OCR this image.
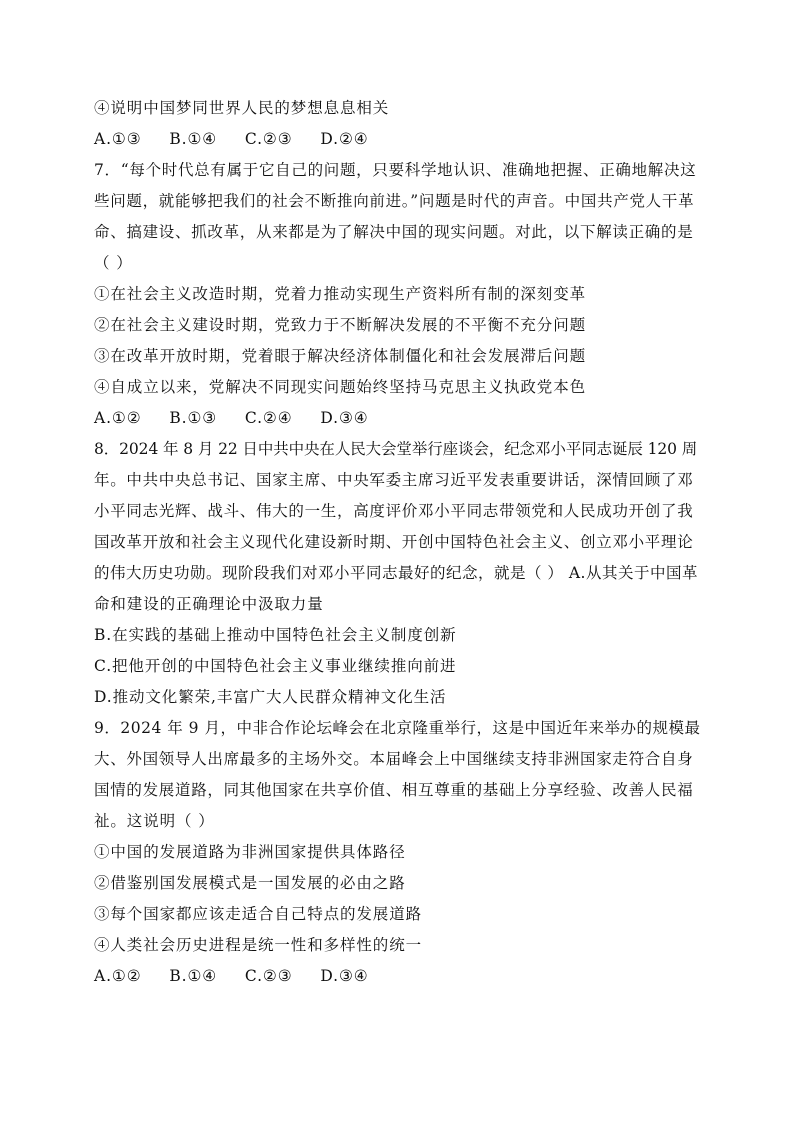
④说明中国梦同世界人民的梦想息息相关
A.①③ B.①④ C.②③ D.②④
7．“每个时代总有属于它自己的问题，只要科学地认识、准确地把握、正确地解决这
些问题，就能够把我们的社会不断推向前进。”问题是时代的声音。中国共产党人干革
命、搞建设、抓改革，从来都是为了解决中国的现实问题。对此，以下解读正确的是
（ ）
①在社会主义改造时期，党着力推动实现生产资料所有制的深刻变革
②在社会主义建设时期，党致力于不断解决发展的不平衡不充分问题
③在改革开放时期，党着眼于解决经济体制僵化和社会发展滞后问题
④自成立以来，党解决不同现实问题始终坚持马克思主义执政党本色
A.①② B.①③ C.②④ D.③④
8．2024 年 8 月 22 日中共中央在人民大会堂举行座谈会，纪念邓小平同志诞辰 120 周
年。中共中央总书记、国家主席、中央军委主席习近平发表重要讲话，深情回顾了邓
小平同志光辉、战斗、伟大的一生，高度评价邓小平同志带领党和人民成功开创了我
国改革开放和社会主义现代化建设新时期、开创中国特色社会主义、创立邓小平理论
的伟大历史功勋。现阶段我们对邓小平同志最好的纪念，就是（ ） A.从其关于中国革
命和建设的正确理论中汲取力量
B.在实践的基础上推动中国特色社会主义制度创新
C.把他开创的中国特色社会主义事业继续推向前进
D.推动文化繁荣,丰富广大人民群众精神文化生活
9．2024 年 9 月，中非合作论坛峰会在北京隆重举行，这是中国近年来举办的规模最
大、外国领导人出席最多的主场外交。本届峰会上中国继续支持非洲国家走符合自身
国情的发展道路，同其他国家在共享价值、相互尊重的基础上分享经验、改善人民福
祉。这说明（ ）
①中国的发展道路为非洲国家提供具体路径
②借鉴别国发展模式是一国发展的必由之路
③每个国家都应该走适合自己特点的发展道路
④人类社会历史进程是统一性和多样性的统一
A.①② B.①④ C.②③ D.③④
